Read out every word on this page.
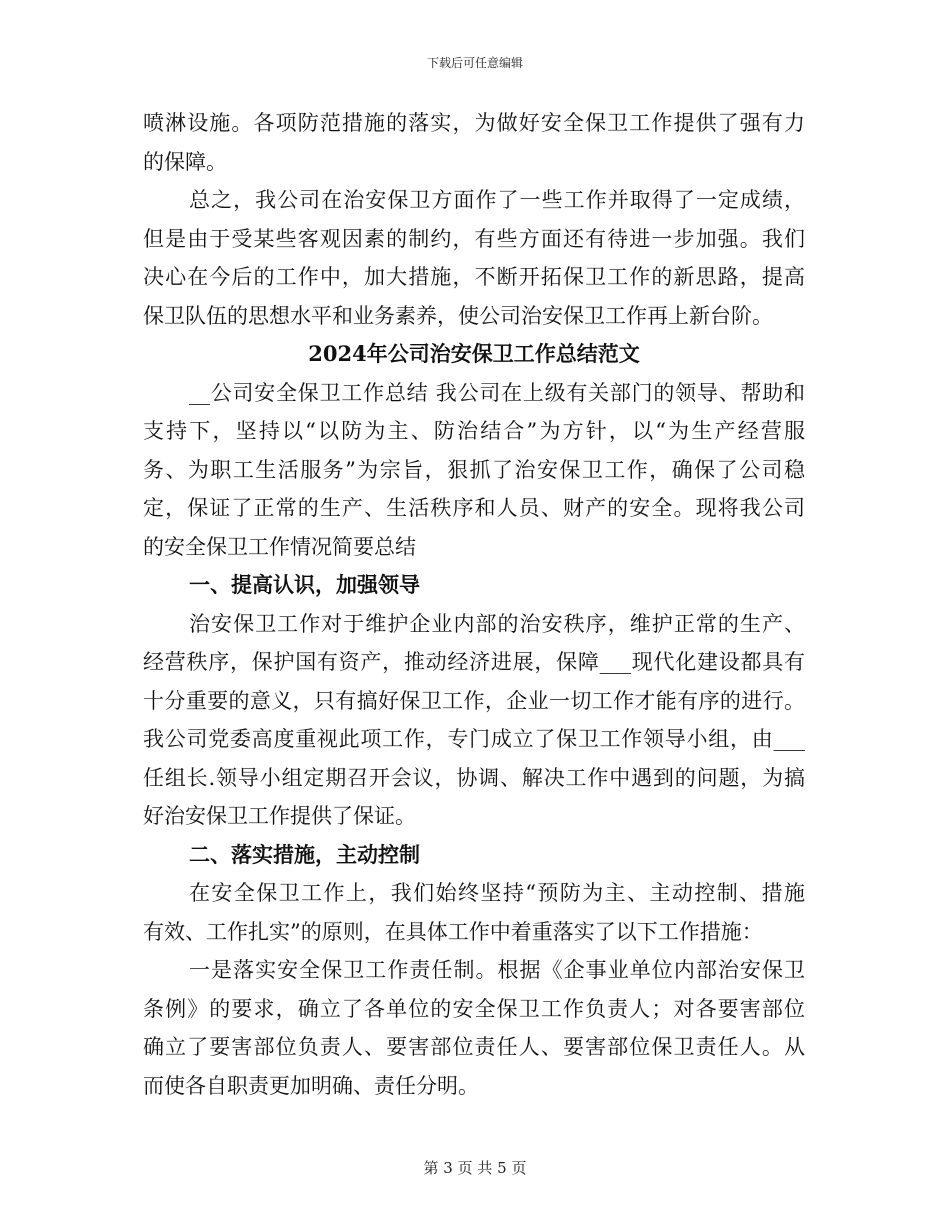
下载后可任意编辑
喷淋设施。各项防范措施的落实，为做好安全保卫工作提供了强有力
的保障。
总之，我公司在治安保卫方面作了一些工作并取得了一定成绩，
但是由于受某些客观因素的制约，有些方面还有待进一步加强。我们
决心在今后的工作中，加大措施，不断开拓保卫工作的新思路，提高
保卫队伍的思想水平和业务素养，使公司治安保卫工作再上新台阶。
2024年公司治安保卫工作总结范文
__公司安全保卫工作总结 我公司在上级有关部门的领导、帮助和
支持下，坚持以“以防为主、防治结合”为方针，以“为生产经营服
务、为职工生活服务”为宗旨，狠抓了治安保卫工作，确保了公司稳
定，保证了正常的生产、生活秩序和人员、财产的安全。现将我公司
的安全保卫工作情况简要总结
一、提高认识，加强领导
治安保卫工作对于维护企业内部的治安秩序，维护正常的生产、
经营秩序，保护国有资产，推动经济进展，保障___现代化建设都具有
十分重要的意义，只有搞好保卫工作，企业一切工作才能有序的进行。
我公司党委高度重视此项工作，专门成立了保卫工作领导小组，由___
任组长.领导小组定期召开会议，协调、解决工作中遇到的问题，为搞
好治安保卫工作提供了保证。
二、落实措施，主动控制
在安全保卫工作上，我们始终坚持“预防为主、主动控制、措施
有效、工作扎实”的原则，在具体工作中着重落实了以下工作措施：
一是落实安全保卫工作责任制。根据《企事业单位内部治安保卫
条例》的要求，确立了各单位的安全保卫工作负责人；对各要害部位
确立了要害部位负责人、要害部位责任人、要害部位保卫责任人。从
而使各自职责更加明确、责任分明。
第 3 页 共 5 页
